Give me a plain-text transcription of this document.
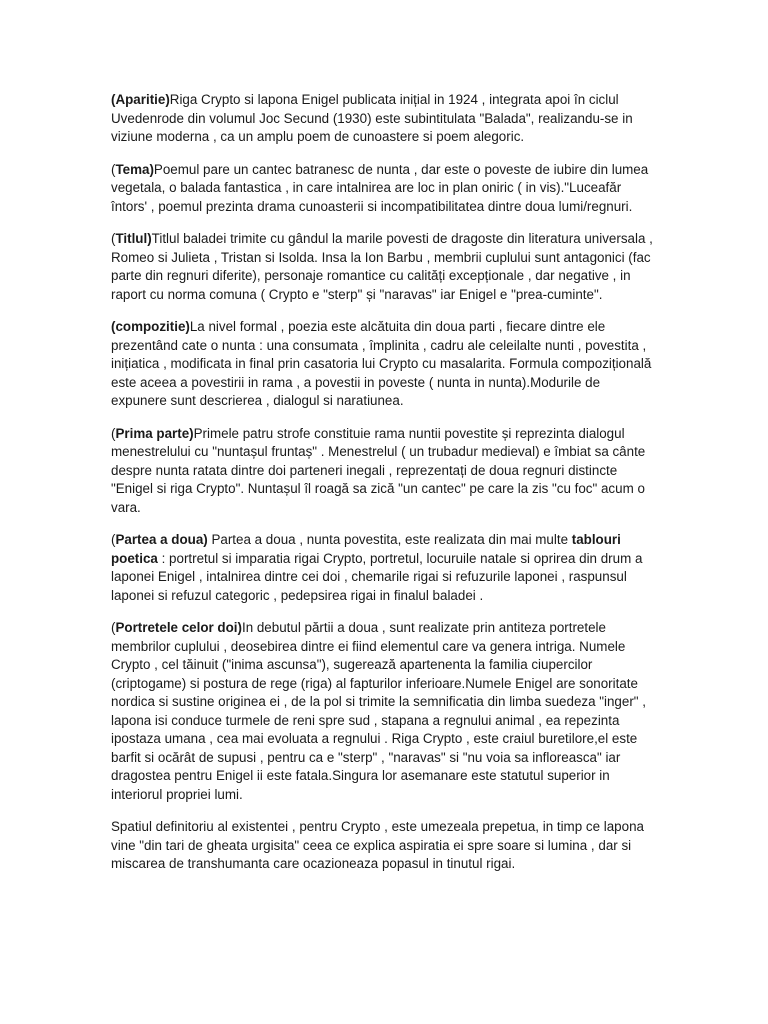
(Aparitie)Riga Crypto si lapona Enigel publicata inițial in 1924 , integrata apoi în ciclul Uvedenrode din volumul Joc Secund (1930) este subintitulata "Balada", realizandu-se in viziune moderna , ca un amplu poem de cunoastere si poem alegoric.

(Tema)Poemul pare un cantec batranesc de nunta , dar este o poveste de iubire din lumea vegetala, o balada fantastica , in care intalnirea are loc in plan oniric ( in vis)."Luceafăr întors' , poemul prezinta drama cunoasterii si incompatibilitatea dintre doua lumi/regnuri.

(Titlul)Titlul baladei trimite cu gândul la marile povesti de dragoste din literatura universala , Romeo si Julieta , Tristan si Isolda. Insa la Ion Barbu , membrii cuplului sunt antagonici (fac parte din regnuri diferite), personaje romantice cu calități excepționale , dar negative , in raport cu norma comuna ( Crypto e "sterp" și "naravas" iar Enigel e "prea-cuminte".

(compozitie)La nivel formal , poezia este alcătuita din doua parti , fiecare dintre ele prezentând cate o nunta : una consumata , împlinita , cadru ale celeilalte nunti , povestita , inițiatica , modificata in final prin casatoria lui Crypto cu masalarita. Formula compozițională este aceea a povestirii in rama , a povestii in poveste ( nunta in nunta).Modurile de expunere sunt descrierea , dialogul si naratiunea.

(Prima parte)Primele patru strofe constituie rama nuntii povestite și reprezinta dialogul menestrelului cu "nuntașul fruntaș" . Menestrelul ( un trubadur medieval) e îmbiat sa cânte despre nunta ratata dintre doi parteneri inegali , reprezentați de doua regnuri distincte "Enigel si riga Crypto". Nuntașul îl roagă sa zică "un cantec" pe care la zis "cu foc" acum o vara.

(Partea a doua) Partea a doua , nunta povestita, este realizata din mai multe tablouri poetica : portretul si imparatia rigai Crypto, portretul, locuruile natale si oprirea din drum a laponei Enigel , intalnirea dintre cei doi , chemarile rigai si refuzurile laponei , raspunsul laponei si refuzul categoric , pedepsirea rigai in finalul baladei .

(Portretele celor doi)In debutul părtii a doua , sunt realizate prin antiteza portretele membrilor cuplului , deosebirea dintre ei fiind elementul care va genera intriga. Numele Crypto , cel tăinuit ("inima ascunsa"), sugerează apartenenta la familia ciupercilor (criptogame) si postura de rege (riga) al fapturilor inferioare.Numele Enigel are sonoritate nordica si sustine originea ei , de la pol si trimite la semnificatia din limba suedeza "inger" , lapona isi conduce turmele de reni spre sud , stapana a regnului animal , ea repezinta ipostaza umana , cea mai evoluata a regnului . Riga Crypto , este craiul buretilore,el este barfit si ocărât de supusi , pentru ca e "sterp" , "naravas" si "nu voia sa infloreasca" iar dragostea pentru Enigel ii este fatala.Singura lor asemanare este statutul superior in interiorul propriei lumi.

Spatiul definitoriu al existentei , pentru Crypto , este umezeala prepetua, in timp ce lapona vine "din tari de gheata urgisita" ceea ce explica aspiratia ei spre soare si lumina , dar si miscarea de transhumanta care ocazioneaza popasul in tinutul rigai.
